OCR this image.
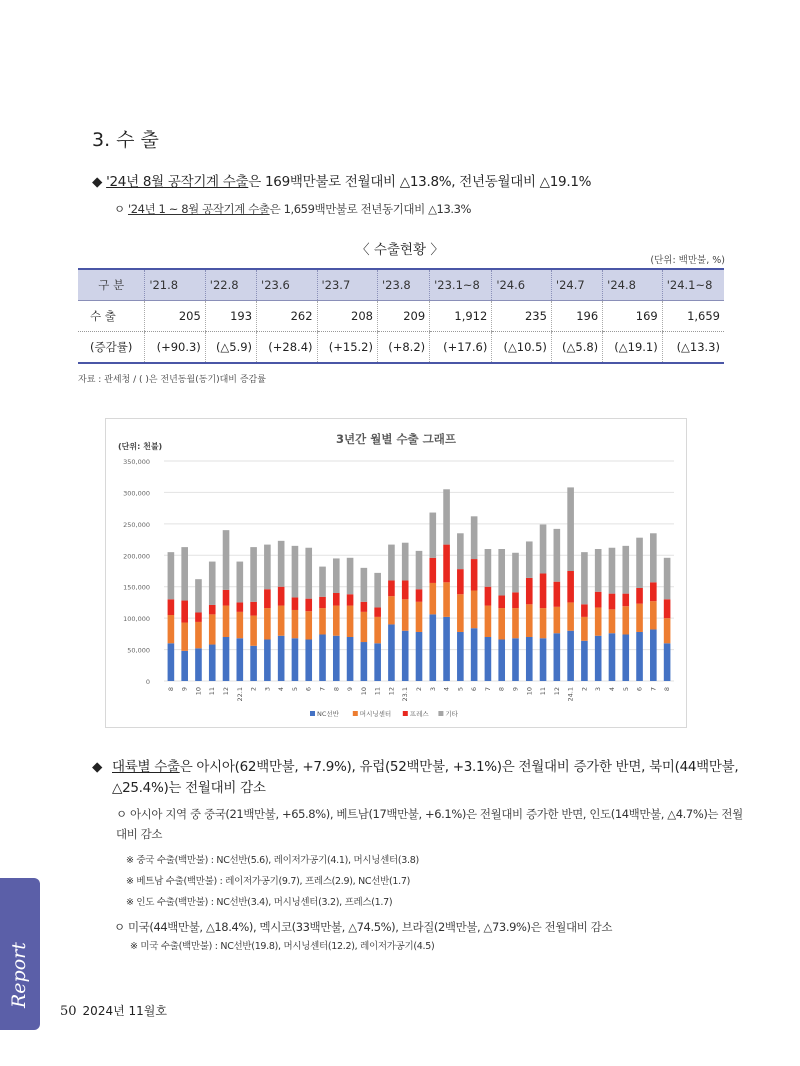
3. 수 출
◆ '24년 8월 공작기계 수출은 169백만불로 전월대비 △13.8%, 전년동월대비 △19.1%
ㅇ '24년 1 ~ 8월 공작기계 수출은 1,659백만불로 전년동기대비 △13.3%
〈 수출현황 〉
(단위: 백만불, %)
구 분	'21.8	'22.8	'23.6	'23.7	'23.8	'23.1~8	'24.6	'24.7	'24.8	'24.1~8
수 출	205	193	262	208	209	1,912	235	196	169	1,659
(증감률)	(+90.3)	(△5.9)	(+28.4)	(+15.2)	(+8.2)	(+17.6)	(△10.5)	(△5.8)	(△19.1)	(△13.3)
자료 : 관세청 / ( )은 전년동월(동기)대비 증감률
3년간 월별 수출 그래프
(단위: 천불)
0
50,000
100,000
150,000
200,000
250,000
300,000
350,000
8 9 10 11 12 22.1 2 3 4 5 6 7 8 9 10 11 12 23.1 2 3 4 5 6 7 8 9 10 11 12 24.1 2 3 4 5 6 7 8
NC선반	머시닝센터	프레스	기타
◆ 대륙별 수출은 아시아(62백만불, +7.9%), 유럽(52백만불, +3.1%)은 전월대비 증가한 반면, 북미(44백만불, △25.4%)는 전월대비 감소
ㅇ 아시아 지역 중 중국(21백만불, +65.8%), 베트남(17백만불, +6.1%)은 전월대비 증가한 반면, 인도(14백만불, △4.7%)는 전월대비 감소
※ 중국 수출(백만불) : NC선반(5.6), 레이저가공기(4.1), 머시닝센터(3.8)
※ 베트남 수출(백만불) : 레이저가공기(9.7), 프레스(2.9), NC선반(1.7)
※ 인도 수출(백만불) : NC선반(3.4), 머시닝센터(3.2), 프레스(1.7)
ㅇ 미국(44백만불, △18.4%), 멕시코(33백만불, △74.5%), 브라질(2백만불, △73.9%)은 전월대비 감소
※ 미국 수출(백만불) : NC선반(19.8), 머시닝센터(12.2), 레이저가공기(4.5)
Report
50 2024년 11월호
